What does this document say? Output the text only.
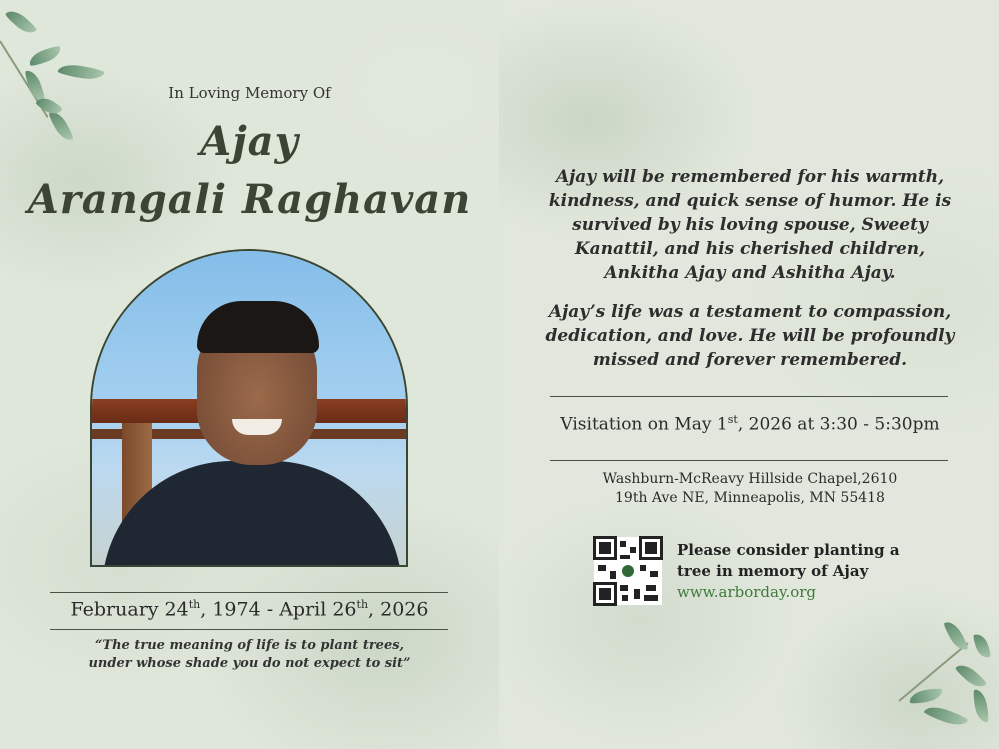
In Loving Memory Of
Ajay
Arangali Raghavan
February 24th, 1974 - April 26th, 2026
“The true meaning of life is to plant trees,
under whose shade you do not expect to sit”
Ajay will be remembered for his warmth,
kindness, and quick sense of humor. He is
survived by his loving spouse, Sweety
Kanattil, and his cherished children,
Ankitha Ajay and Ashitha Ajay.
Ajay’s life was a testament to compassion,
dedication, and love. He will be profoundly
missed and forever remembered.
Visitation on May 1st, 2026 at 3:30 - 5:30pm
Washburn-McReavy Hillside Chapel,2610
19th Ave NE, Minneapolis, MN 55418
Please consider planting a
tree in memory of Ajay
www.arborday.org
